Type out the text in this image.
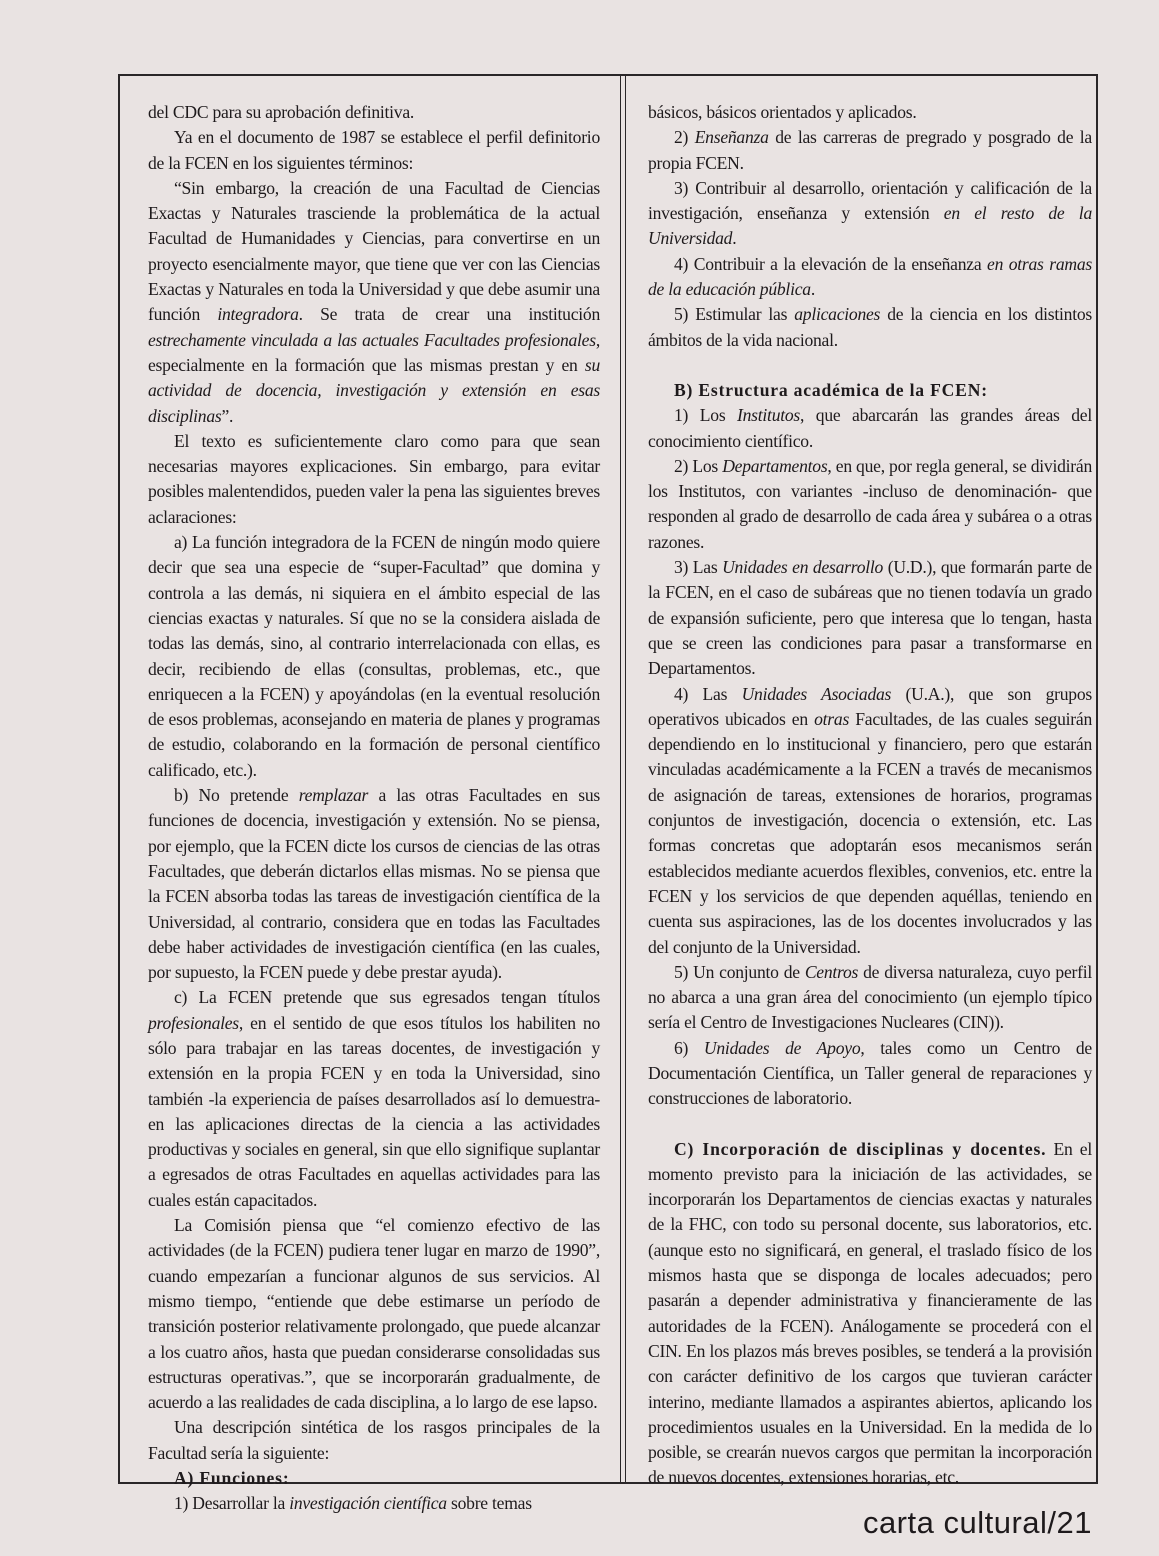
del CDC para su aprobación definitiva.

Ya en el documento de 1987 se establece el perfil definitorio de la FCEN en los siguientes términos:

“Sin embargo, la creación de una Facultad de Ciencias Exactas y Naturales trasciende la problemática de la actual Facultad de Humanidades y Ciencias, para convertirse en un proyecto esencialmente mayor, que tiene que ver con las Ciencias Exactas y Naturales en toda la Universidad y que debe asumir una función integradora. Se trata de crear una institución estrechamente vinculada a las actuales Facultades profesionales, especialmente en la formación que las mismas prestan y en su actividad de docencia, investigación y extensión en esas disciplinas”.

El texto es suficientemente claro como para que sean necesarias mayores explicaciones. Sin embargo, para evitar posibles malentendidos, pueden valer la pena las siguientes breves aclaraciones:

a) La función integradora de la FCEN de ningún modo quiere decir que sea una especie de “super-Facultad” que domina y controla a las demás, ni siquiera en el ámbito especial de las ciencias exactas y naturales. Sí que no se la considera aislada de todas las demás, sino, al contrario interrelacionada con ellas, es decir, recibiendo de ellas (consultas, problemas, etc., que enriquecen a la FCEN) y apoyándolas (en la eventual resolución de esos problemas, aconsejando en materia de planes y programas de estudio, colaborando en la formación de personal científico calificado, etc.).

b) No pretende remplazar a las otras Facultades en sus funciones de docencia, investigación y extensión. No se piensa, por ejemplo, que la FCEN dicte los cursos de ciencias de las otras Facultades, que deberán dictarlos ellas mismas. No se piensa que la FCEN absorba todas las tareas de investigación científica de la Universidad, al contrario, considera que en todas las Facultades debe haber actividades de investigación científica (en las cuales, por supuesto, la FCEN puede y debe prestar ayuda).

c) La FCEN pretende que sus egresados tengan títulos profesionales, en el sentido de que esos títulos los habiliten no sólo para trabajar en las tareas docentes, de investigación y extensión en la propia FCEN y en toda la Universidad, sino también -la experiencia de países desarrollados así lo demuestra- en las aplicaciones directas de la ciencia a las actividades productivas y sociales en general, sin que ello signifique suplantar a egresados de otras Facultades en aquellas actividades para las cuales están capacitados.

La Comisión piensa que “el comienzo efectivo de las actividades (de la FCEN) pudiera tener lugar en marzo de 1990”, cuando empezarían a funcionar algunos de sus servicios. Al mismo tiempo, “entiende que debe estimarse un período de transición posterior relativamente prolongado, que puede alcanzar a los cuatro años, hasta que puedan considerarse consolidadas sus estructuras operativas.”, que se incorporarán gradualmente, de acuerdo a las realidades de cada disciplina, a lo largo de ese lapso.

Una descripción sintética de los rasgos principales de la Facultad sería la siguiente:

A) Funciones:

1) Desarrollar la investigación científica sobre temas

básicos, básicos orientados y aplicados.

2) Enseñanza de las carreras de pregrado y posgrado de la propia FCEN.

3) Contribuir al desarrollo, orientación y calificación de la investigación, enseñanza y extensión en el resto de la Universidad.

4) Contribuir a la elevación de la enseñanza en otras ramas de la educación pública.

5) Estimular las aplicaciones de la ciencia en los distintos ámbitos de la vida nacional.

B) Estructura académica de la FCEN:

1) Los Institutos, que abarcarán las grandes áreas del conocimiento científico.

2) Los Departamentos, en que, por regla general, se dividirán los Institutos, con variantes -incluso de denominación- que responden al grado de desarrollo de cada área y subárea o a otras razones.

3) Las Unidades en desarrollo (U.D.), que formarán parte de la FCEN, en el caso de subáreas que no tienen todavía un grado de expansión suficiente, pero que interesa que lo tengan, hasta que se creen las condiciones para pasar a transformarse en Departamentos.

4) Las Unidades Asociadas (U.A.), que son grupos operativos ubicados en otras Facultades, de las cuales seguirán dependiendo en lo institucional y financiero, pero que estarán vinculadas académicamente a la FCEN a través de mecanismos de asignación de tareas, extensiones de horarios, programas conjuntos de investigación, docencia o extensión, etc. Las formas concretas que adoptarán esos mecanismos serán establecidos mediante acuerdos flexibles, convenios, etc. entre la FCEN y los servicios de que dependen aquéllas, teniendo en cuenta sus aspiraciones, las de los docentes involucrados y las del conjunto de la Universidad.

5) Un conjunto de Centros de diversa naturaleza, cuyo perfil no abarca a una gran área del conocimiento (un ejemplo típico sería el Centro de Investigaciones Nucleares (CIN)).

6) Unidades de Apoyo, tales como un Centro de Documentación Científica, un Taller general de reparaciones y construcciones de laboratorio.

C) Incorporación de disciplinas y docentes. En el momento previsto para la iniciación de las actividades, se incorporarán los Departamentos de ciencias exactas y naturales de la FHC, con todo su personal docente, sus laboratorios, etc. (aunque esto no significará, en general, el traslado físico de los mismos hasta que se disponga de locales adecuados; pero pasarán a depender administrativa y financieramente de las autoridades de la FCEN). Análogamente se procederá con el CIN. En los plazos más breves posibles, se tenderá a la provisión con carácter definitivo de los cargos que tuvieran carácter interino, mediante llamados a aspirantes abiertos, aplicando los procedimientos usuales en la Universidad. En la medida de lo posible, se crearán nuevos cargos que permitan la incorporación de nuevos docentes, extensiones horarias, etc.

carta cultural/21
